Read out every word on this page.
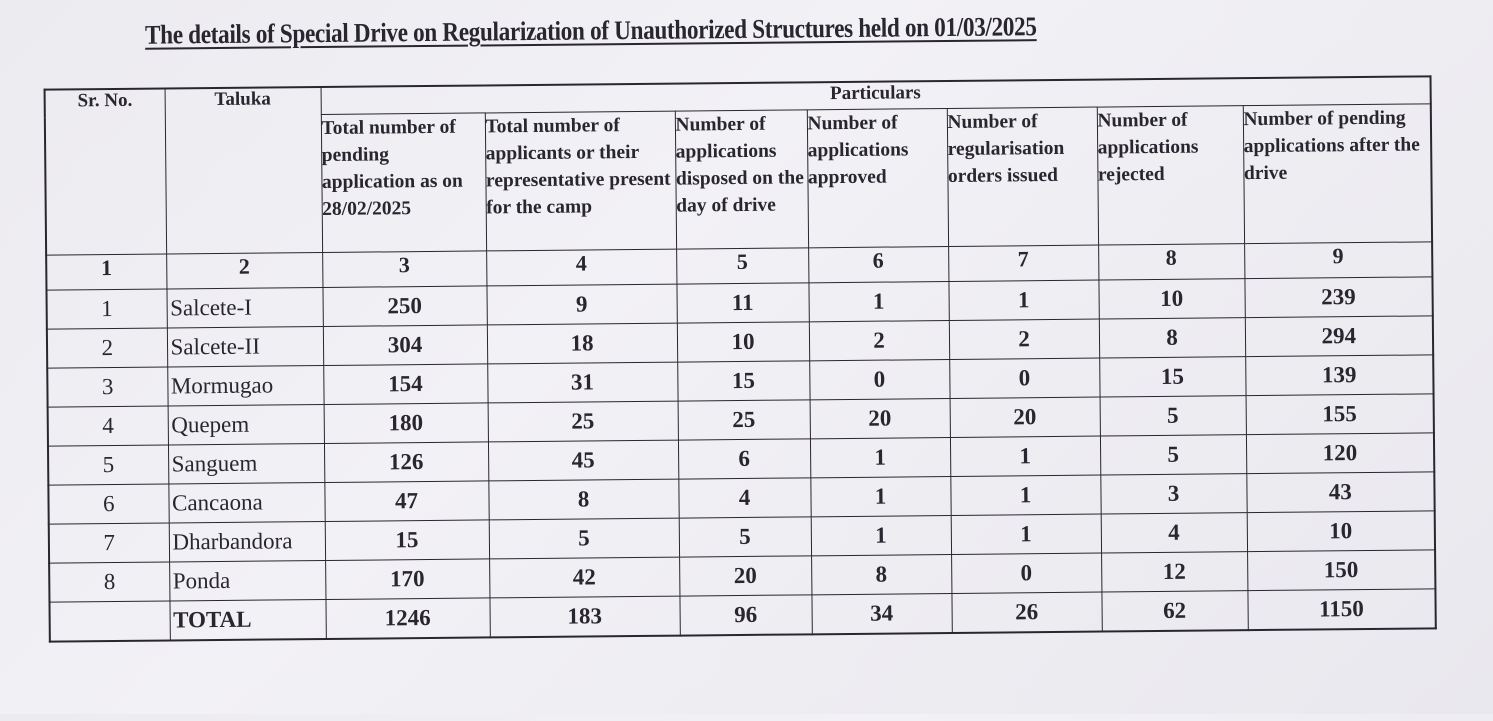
The details of Special Drive on Regularization of Unauthorized Structures held on 01/03/2025
Sr. No.	Taluka	Particulars						
		Total number of pending application as on 28/02/2025	Total number of applicants or their representative present for the camp	Number of applications disposed on the day of drive	Number of applications approved	Number of regularisation orders issued	Number of applications rejected	Number of pending applications after the drive
1	2	3	4	5	6	7	8	9
1	Salcete-I	250	9	11	1	1	10	239
2	Salcete-II	304	18	10	2	2	8	294
3	Mormugao	154	31	15	0	0	15	139
4	Quepem	180	25	25	20	20	5	155
5	Sanguem	126	45	6	1	1	5	120
6	Cancaona	47	8	4	1	1	3	43
7	Dharbandora	15	5	5	1	1	4	10
8	Ponda	170	42	20	8	0	12	150
	TOTAL	1246	183	96	34	26	62	1150
